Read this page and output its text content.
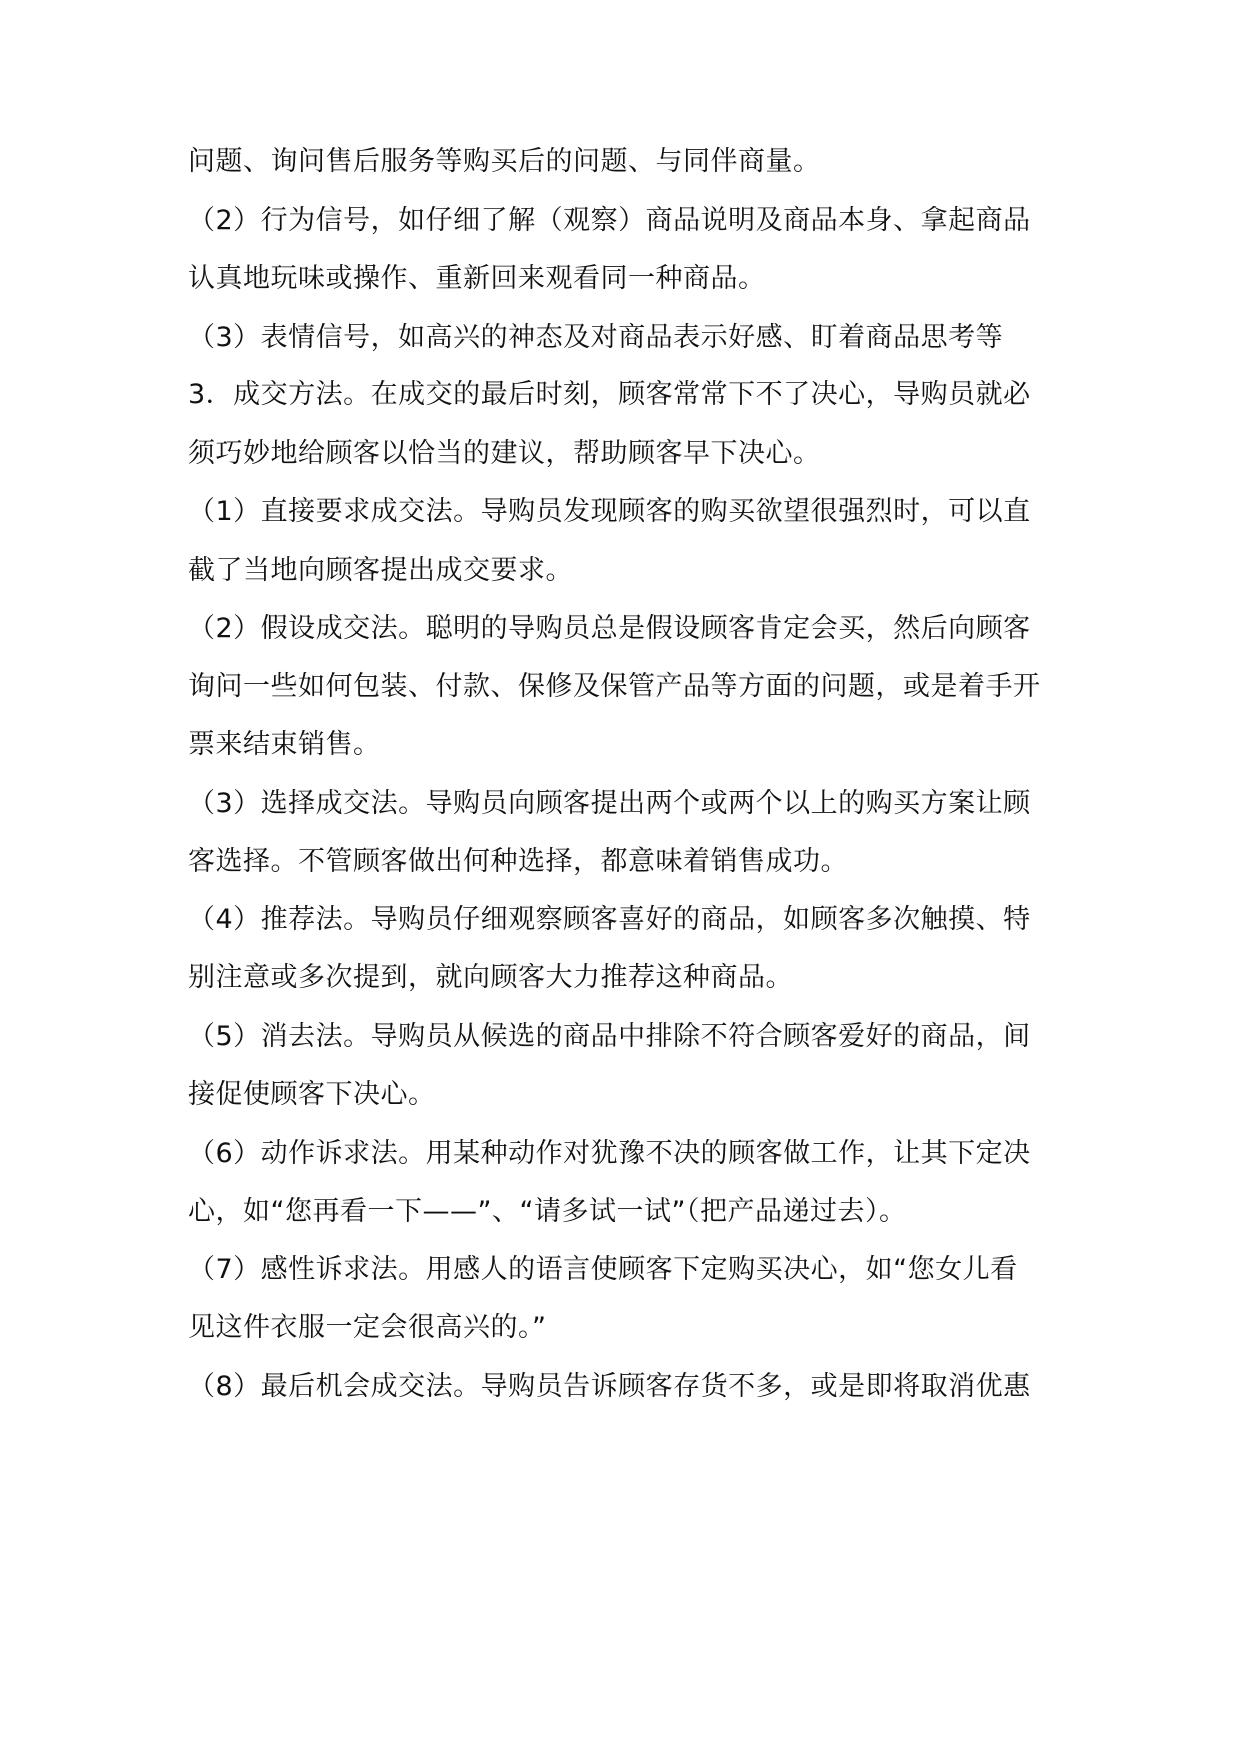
问题、询问售后服务等购买后的问题、与同伴商量。
（2）行为信号，如仔细了解（观察）商品说明及商品本身、拿起商品
认真地玩味或操作、重新回来观看同一种商品。
（3）表情信号，如高兴的神态及对商品表示好感、盯着商品思考等
3．成交方法。在成交的最后时刻，顾客常常下不了决心，导购员就必
须巧妙地给顾客以恰当的建议，帮助顾客早下决心。
（1）直接要求成交法。导购员发现顾客的购买欲望很强烈时，可以直
截了当地向顾客提出成交要求。
（2）假设成交法。聪明的导购员总是假设顾客肯定会买，然后向顾客
询问一些如何包装、付款、保修及保管产品等方面的问题，或是着手开
票来结束销售。
（3）选择成交法。导购员向顾客提出两个或两个以上的购买方案让顾
客选择。不管顾客做出何种选择，都意味着销售成功。
（4）推荐法。导购员仔细观察顾客喜好的商品，如顾客多次触摸、特
别注意或多次提到，就向顾客大力推荐这种商品。
（5）消去法。导购员从候选的商品中排除不符合顾客爱好的商品，间
接促使顾客下决心。
（6）动作诉求法。用某种动作对犹豫不决的顾客做工作，让其下定决
心，如“您再看一下——”、“请多试一试”（把产品递过去）。
（7）感性诉求法。用感人的语言使顾客下定购买决心，如“您女儿看
见这件衣服一定会很高兴的。”
（8）最后机会成交法。导购员告诉顾客存货不多，或是即将取消优惠
